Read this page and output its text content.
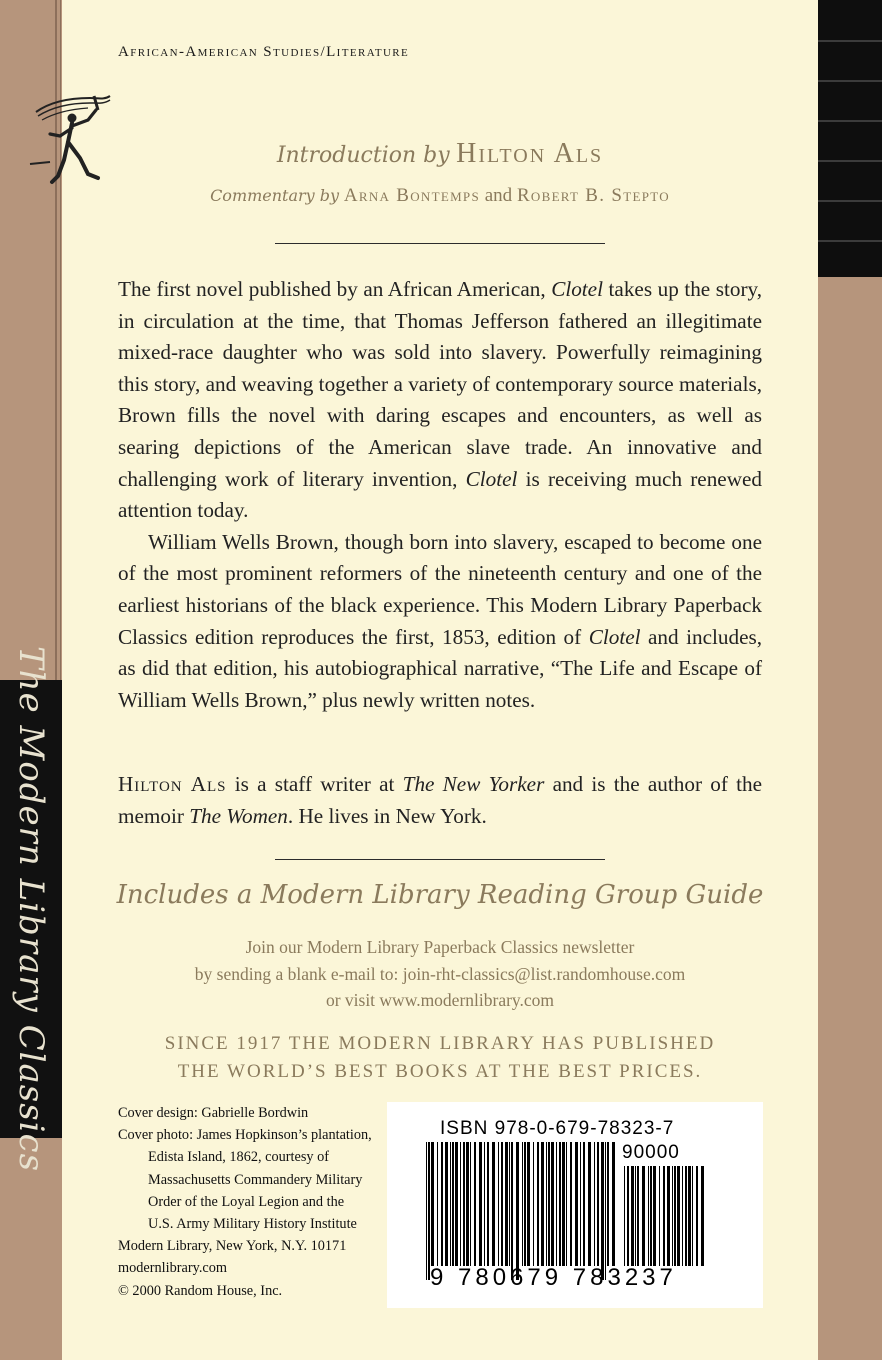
The Modern Library Classics
African-American Studies/Literature
Introduction by Hilton Als
Commentary by Arna Bontemps and Robert B. Stepto

The first novel published by an African American, Clotel takes up the story, in circulation at the time, that Thomas Jefferson fathered an illegitimate mixed-race daughter who was sold into slavery. Powerfully reimagining this story, and weaving together a variety of contemporary source materials, Brown fills the novel with daring escapes and encounters, as well as searing depictions of the American slave trade. An innovative and challenging work of literary invention, Clotel is receiving much renewed attention today.

William Wells Brown, though born into slavery, escaped to become one of the most prominent reformers of the nineteenth century and one of the earliest historians of the black experience. This Modern Library Paperback Classics edition reproduces the first, 1853, edition of Clotel and includes, as did that edition, his autobiographical narrative, “The Life and Escape of William Wells Brown,” plus newly written notes.

Hilton Als is a staff writer at The New Yorker and is the author of the memoir The Women. He lives in New York.

Includes a Modern Library Reading Group Guide
Join our Modern Library Paperback Classics newsletter
by sending a blank e-mail to: join-rht-classics@list.randomhouse.com
or visit www.modernlibrary.com
SINCE 1917 THE MODERN LIBRARY HAS PUBLISHED
THE WORLD’S BEST BOOKS AT THE BEST PRICES.
Cover design: Gabrielle Bordwin
Cover photo: James Hopkinson’s plantation,
Edista Island, 1862, courtesy of
Massachusetts Commandery Military
Order of the Loyal Legion and the
U.S. Army Military History Institute
Modern Library, New York, N.Y. 10171
modernlibrary.com
© 2000 Random House, Inc.
ISBN 978-0-679-78323-7
90000
9 780679 783237
